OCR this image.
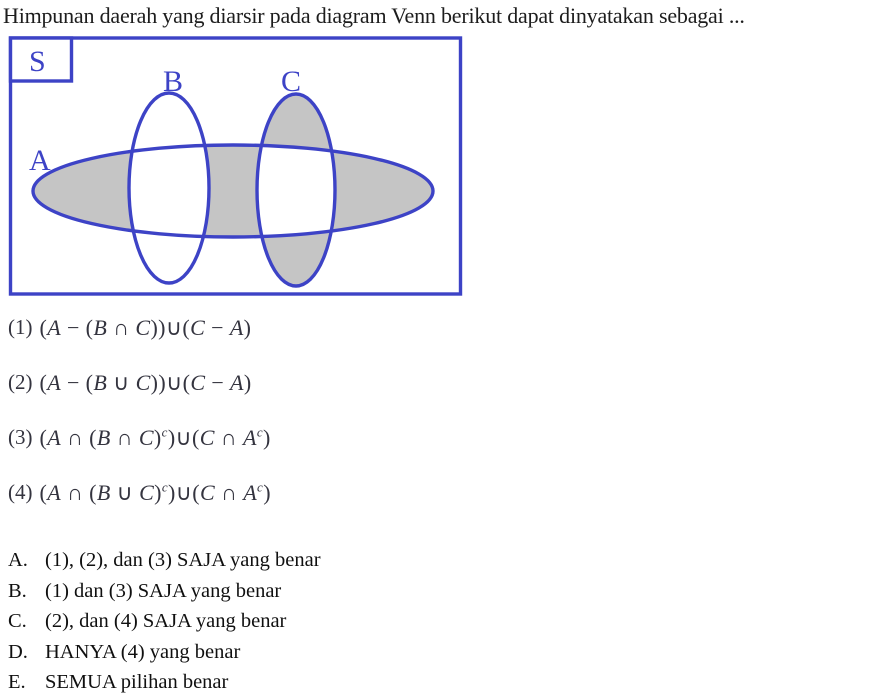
Himpunan daerah yang diarsir pada diagram Venn berikut dapat dinyatakan sebagai ...
S
A
B	C
(1) (A − (B ∩ C))∪(C − A)
(2) (A − (B ∪ C))∪(C − A)
(3) (A ∩ (B ∩ C)$^c$)∪(C ∩ $A^c$)
(4) (A ∩ (B ∪ C)$^c$)∪(C ∩ $A^c$)
A. (1), (2), dan (3) SAJA yang benar
B. (1) dan (3) SAJA yang benar
C. (2), dan (4) SAJA yang benar
D. HANYA (4) yang benar
E. SEMUA pilihan benar
